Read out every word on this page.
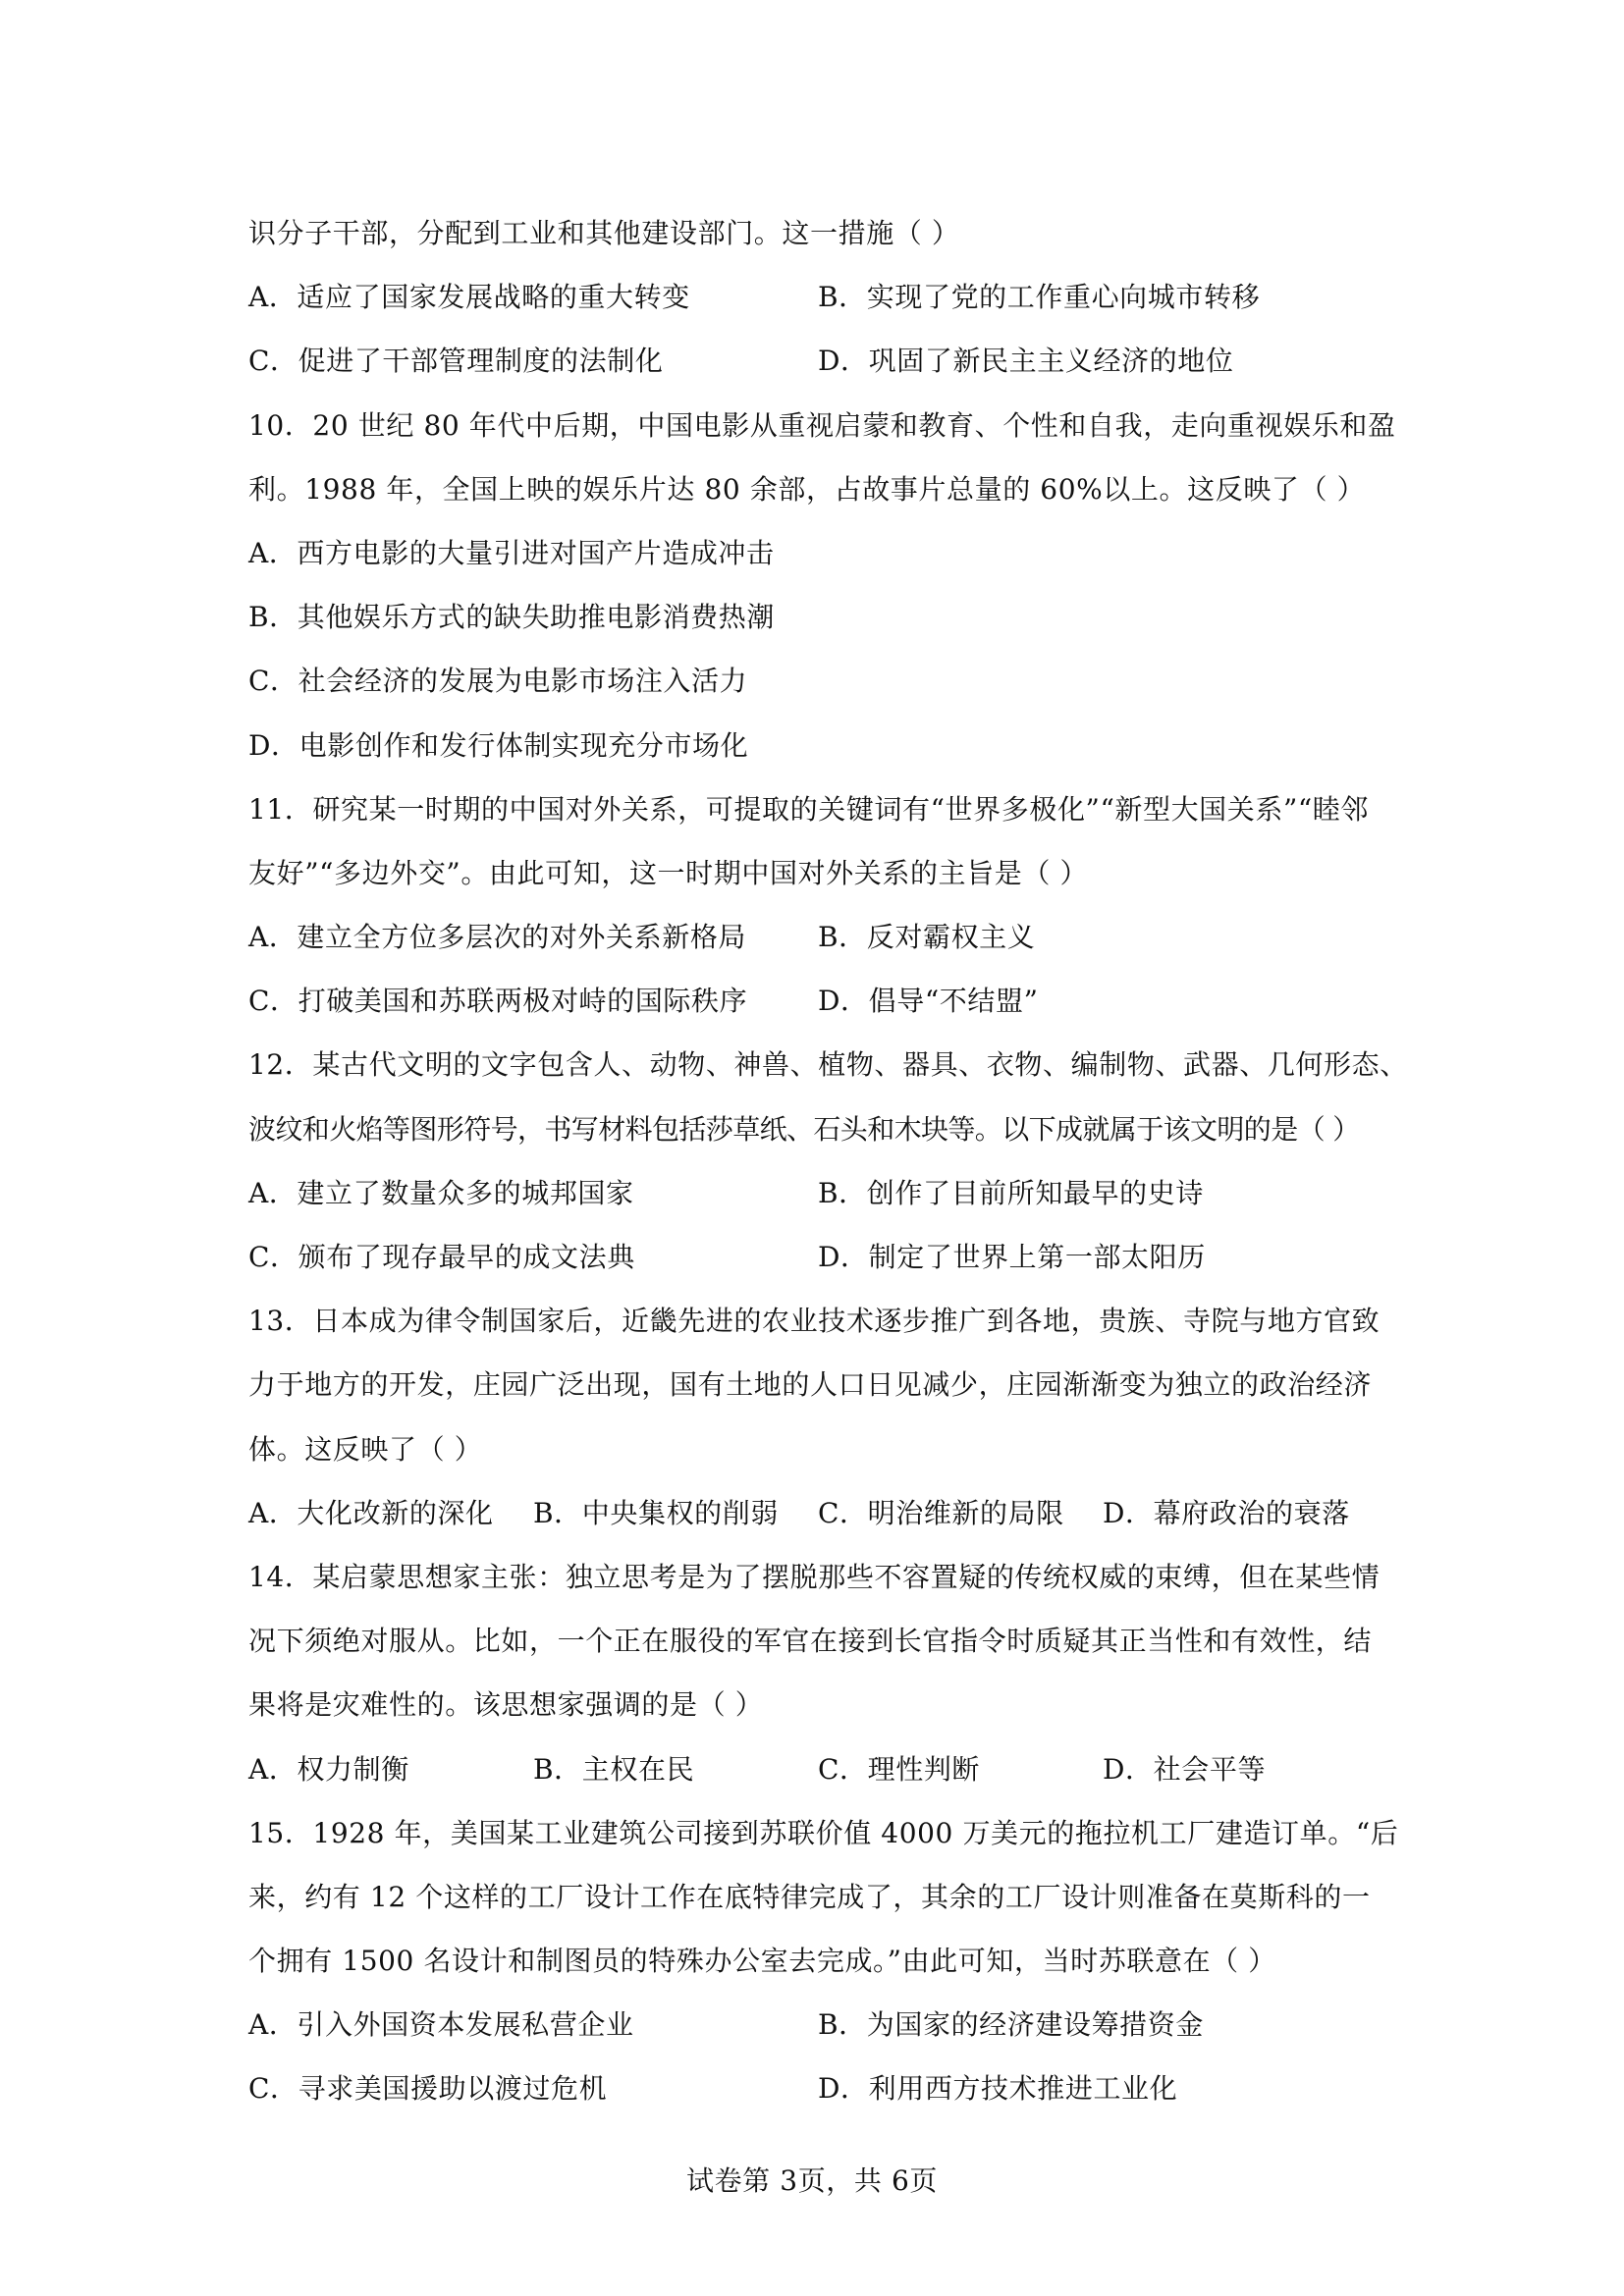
识分子干部，分配到工业和其他建设部门。这一措施（ ）
A．适应了国家发展战略的重大转变	B．实现了党的工作重心向城市转移
C．促进了干部管理制度的法制化	D．巩固了新民主主义经济的地位
10．20 世纪 80 年代中后期，中国电影从重视启蒙和教育、个性和自我，走向重视娱乐和盈
利。1988 年，全国上映的娱乐片达 80 余部，占故事片总量的 60%以上。这反映了（ ）
A．西方电影的大量引进对国产片造成冲击
B．其他娱乐方式的缺失助推电影消费热潮
C．社会经济的发展为电影市场注入活力
D．电影创作和发行体制实现充分市场化
11．研究某一时期的中国对外关系，可提取的关键词有“世界多极化”“新型大国关系”“睦邻
友好”“多边外交”。由此可知，这一时期中国对外关系的主旨是（ ）
A．建立全方位多层次的对外关系新格局	B．反对霸权主义
C．打破美国和苏联两极对峙的国际秩序	D．倡导“不结盟”
12．某古代文明的文字包含人、动物、神兽、植物、器具、衣物、编制物、武器、几何形态、
波纹和火焰等图形符号，书写材料包括莎草纸、石头和木块等。以下成就属于该文明的是（ ）
A．建立了数量众多的城邦国家	B．创作了目前所知最早的史诗
C．颁布了现存最早的成文法典	D．制定了世界上第一部太阳历
13．日本成为律令制国家后，近畿先进的农业技术逐步推广到各地，贵族、寺院与地方官致
力于地方的开发，庄园广泛出现，国有土地的人口日见减少，庄园渐渐变为独立的政治经济
体。这反映了（ ）
A．大化改新的深化 B．中央集权的削弱 C．明治维新的局限 D．幕府政治的衰落
14．某启蒙思想家主张：独立思考是为了摆脱那些不容置疑的传统权威的束缚，但在某些情
况下须绝对服从。比如，一个正在服役的军官在接到长官指令时质疑其正当性和有效性，结
果将是灾难性的。该思想家强调的是（ ）
A．权力制衡	B．主权在民	C．理性判断	D．社会平等
15．1928 年，美国某工业建筑公司接到苏联价值 4000 万美元的拖拉机工厂建造订单。“后
来，约有 12 个这样的工厂设计工作在底特律完成了，其余的工厂设计则准备在莫斯科的一
个拥有 1500 名设计和制图员的特殊办公室去完成。”由此可知，当时苏联意在（ ）
A．引入外国资本发展私营企业	B．为国家的经济建设筹措资金
C．寻求美国援助以渡过危机	D．利用西方技术推进工业化
试卷第 3页，共 6页
